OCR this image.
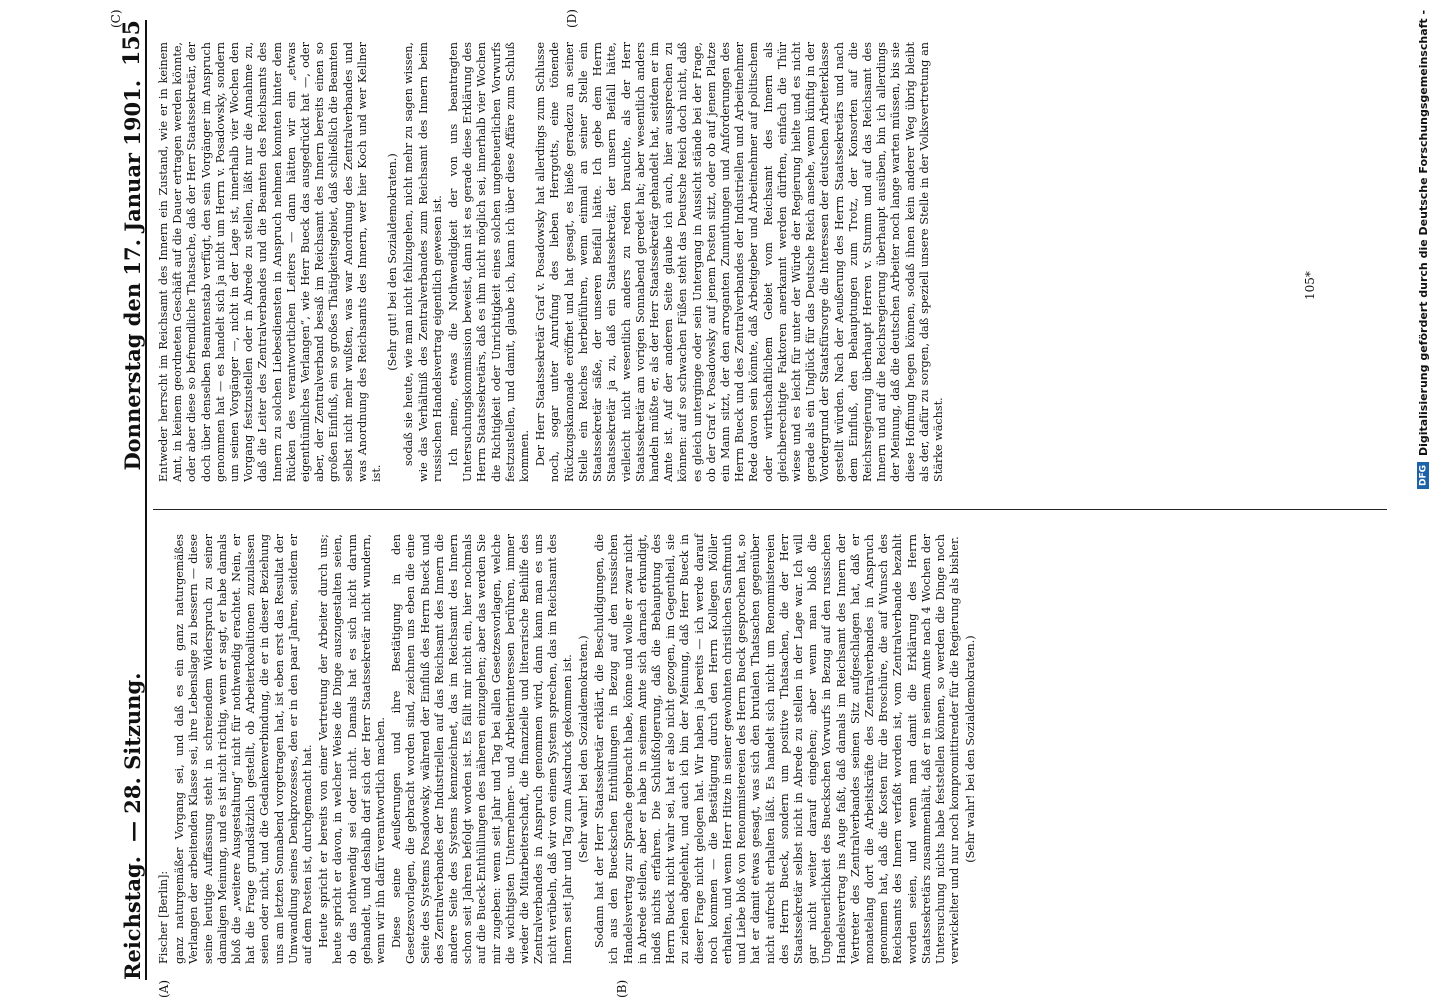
Reichstag.
— 28. Sitzung.
Donnerstag den 17. Januar 1901.
155
(A)	(B)
(C)	(D)

Fischer [Berlin]: ganz naturgemäßer Vorgang sei, und daß es ein ganz naturgemäßes Verlangen der arbeitenden Klasse sei, ihre Lebenslage zu bessern — diese seine heutige Auffassung steht in schreiendem Widerspruch zu seiner damaligen Meinung, und es ist nicht richtig, wenn er sagt, er habe damals bloß die „weitere Ausgestaltung“ nicht für nothwendig erachtet. Nein, er hat die Frage grundsätzlich gestellt, ob Arbeiterkoalitionen zuzulassen seien oder nicht, und die Gedankenverbindung, die er in dieser Beziehung uns am letzten Sonnabend vorgetragen hat, ist eben erst das Resultat der Umwandlung seines Denkprozesses, den er in den paar Jahren, seitdem er auf dem Posten ist, durchgemacht hat. Heute spricht er bereits von einer Vertretung der Arbeiter durch uns; heute spricht er davon, in welcher Weise die Dinge auszugestalten seien, ob das nothwendig sei oder nicht. Damals hat es sich nicht darum gehandelt, und deshalb darf sich der Herr Staatssekretär nicht wundern, wenn wir ihn dafür verantwortlich machen. Diese seine Aeußerungen und ihre Bestätigung in den Gesetzesvorlagen, die gebracht worden sind, zeichnen uns eben die eine Seite des Systems Posadowsky, während der Einfluß des Herrn Bueck und des Zentralverbandes der Industriellen auf das Reichsamt des Innern die andere Seite des Systems kennzeichnet, das im Reichsamt des Innern schon seit Jahren befolgt worden ist. Es fällt mir nicht ein, hier nochmals auf die Bueck-Enthüllungen des näheren einzugehen; aber das werden Sie mir zugeben: wenn seit Jahr und Tag bei allen Gesetzesvorlagen, welche die wichtigsten Unternehmer- und Arbeiterinteressen berühren, immer wieder die Mitarbeiterschaft, die finanzielle und literarische Beihilfe des Zentralverbandes in Anspruch genommen wird, dann kann man es uns nicht verübeln, daß wir von einem System sprechen, das im Reichsamt des Innern seit Jahr und Tag zum Ausdruck gekommen ist. (Sehr wahr! bei den Sozialdemokraten.) Sodann hat der Herr Staatssekretär erklärt, die Beschuldigungen, die ich aus den Bueckschen Enthüllungen in Bezug auf den russischen Handelsvertrag zur Sprache gebracht habe, könne und wolle er zwar nicht in Abrede stellen, aber er habe in seinem Amte sich darnach erkundigt, indeß nichts erfahren. Die Schlußfolgerung, daß die Behauptung des Herrn Bueck nicht wahr sei, hat er also nicht gezogen, im Gegentheil, sie zu ziehen abgelehnt, und auch ich bin der Meinung, daß Herr Bueck in dieser Frage nicht gelogen hat. Wir haben ja bereits — ich werde darauf noch kommen — die Bestätigung durch den Herrn Kollegen Möller erhalten, und wenn Herr Hitze in seiner gewohnten christlichen Sanftmuth und Liebe bloß von Renommistereien des Herrn Bueck gesprochen hat, so hat er damit etwas gesagt, was sich den brutalen Thatsachen gegenüber nicht aufrecht erhalten läßt. Es handelt sich nicht um Renommistereien des Herrn Bueck, sondern um positive Thatsachen, die der Herr Staatssekretär selbst nicht in Abrede zu stellen in der Lage war. Ich will gar nicht weiter darauf eingehen; aber wenn man bloß die Ungeheuerlichkeit des Bueckschen Vorwurfs in Bezug auf den russischen Handelsvertrag ins Auge faßt, daß damals im Reichsamt des Innern der Vertreter des Zentralverbandes seinen Sitz aufgeschlagen hat, daß er monatelang dort die Arbeitskräfte des Zentralverbandes in Anspruch genommen hat, daß die Kosten für die Broschüre, die auf Wunsch des Reichsamts des Innern verfaßt worden ist, vom Zentralverbande bezahlt worden seien, und wenn man damit die Erklärung des Herrn Staatssekretärs zusammenhält, daß er in seinem Amte nach 4 Wochen der Untersuchung nichts habe feststellen können, so werden die Dinge noch verwickelter und nur noch kompromittirender für die Regierung als bisher. (Sehr wahr! bei den Sozialdemokraten.)

Entweder herrscht im Reichsamt des Innern ein Zustand, wie er in keinem Amt, in keinem geordneten Geschäft auf die Dauer ertragen werden könnte, oder aber diese so befremdliche Thatsache, daß der Herr Staatssekretär, der doch über denselben Beamtenstab verfügt, den sein Vorgänger im Anspruch genommen hat — es handelt sich ja nicht um Herrn v. Posadowsky, sondern um seinen Vorgänger —, nicht in der Lage ist, innerhalb vier Wochen den Vorgang festzustellen oder in Abrede zu stellen, läßt nur die Annahme zu, daß die Leiter des Zentralverbandes und die Beamten des Reichsamts des Innern zu solchen Liebesdiensten in Anspruch nehmen konnten hinter dem Rücken des verantwortlichen Leiters — dann hätten wir ein „etwas eigenthümliches Verlangen“, wie Herr Bueck das ausgedrückt hat —, oder aber, der Zentralverband besaß im Reichsamt des Innern bereits einen so großen Einfluß, ein so großes Thätigkeitsgebiet, daß schließlich die Beamten selbst nicht mehr wußten, was war Anordnung des Zentralverbandes und was Anordnung des Reichsamts des Innern, wer hier Koch und wer Kellner ist.

(Sehr gut! bei den Sozialdemokraten.) sodaß sie heute, wie man nicht fehlzugehen, nicht mehr zu sagen wissen, wie das Verhältniß des Zentralverbandes zum Reichsamt des Innern beim russischen Handelsvertrag eigentlich gewesen ist. Ich meine, etwas die Nothwendigkeit der von uns beantragten Untersuchungskommission beweist, dann ist es gerade diese Erklärung des Herrn Staatssekretärs, daß es ihm nicht möglich sei, innerhalb vier Wochen die Richtigkeit oder Unrichtigkeit eines solchen ungeheuerlichen Vorwurfs festzustellen, und damit, glaube ich, kann ich über diese Affäre zum Schluß kommen. Der Herr Staatssekretär Graf v. Posadowsky hat allerdings zum Schlusse noch, sogar unter Anrufung des lieben Herrgotts, eine tönende Rückzugskanonade eröffnet und hat gesagt, es hieße geradezu an seiner Stelle ein Reiches herbeiführen, wenn einmal an seiner Stelle ein Staatssekretär säße, der unseren Beifall hätte. Ich gebe dem Herrn Staatssekretär ja zu, daß ein Staatssekretär, der unsern Beifall hätte, vielleicht nicht wesentlich anders zu reden brauchte, als der Herr Staatssekretär am vorigen Sonnabend geredet hat; aber wesentlich anders handeln müßte er, als der Herr Staatssekretär gehandelt hat, seitdem er im Amte ist. Auf der anderen Seite glaube ich auch, hier aussprechen zu können: auf so schwachen Füßen steht das Deutsche Reich doch nicht, daß es gleich untergingе oder sein Untergang in Aussicht stände bei der Frage, ob der Graf v. Posadowsky auf jenem Posten sitzt, oder ob auf jenem Platze ein Mann sitzt, der den arroganten Zumuthungen und Anforderungen des Herrn Bueck und des Zentralverbandes der Industriellen und Arbeitnehmer Rede davon sein könnte, daß Arbeitgeber und Arbeitnehmer auf politischem oder wirthschaftlichem Gebiet vom Reichsamt des Innern als gleichberechtigte Faktoren anerkannt werden dürften, einfach die Thür wiese und es leicht für unter der Würde der Regierung hielte und es nicht gerade als ein Unglück für das Deutsche Reich ansehe, wenn künftig in der Vordergrund der Staatsfürsorge die Interessen der deutschen Arbeiterklasse gestellt würden. Nach der Aeußerung des Herrn Staatssekretärs und nach dem Einfluß, den Behauptungen zum Trotz, der Konsorten auf die Reichsregierung überhaupt Herren v. Stumm und auf das Reichsamt des Innern und auf die Reichsregierung überhaupt ausüben, bin ich allerdings der Meinung, daß die deutschen Arbeiter noch lange warten müssen, bis sie diese Hoffnung hegen können, sodaß ihnen kein anderer Weg übrig bleibt als der, dafür zu sorgen, daß speziell unsere Stelle in der Volksvertretung an Stärke wächst.

105*
DFG
Digitalisierung gefördert durch die Deutsche Forschungsgemeinschaft -
